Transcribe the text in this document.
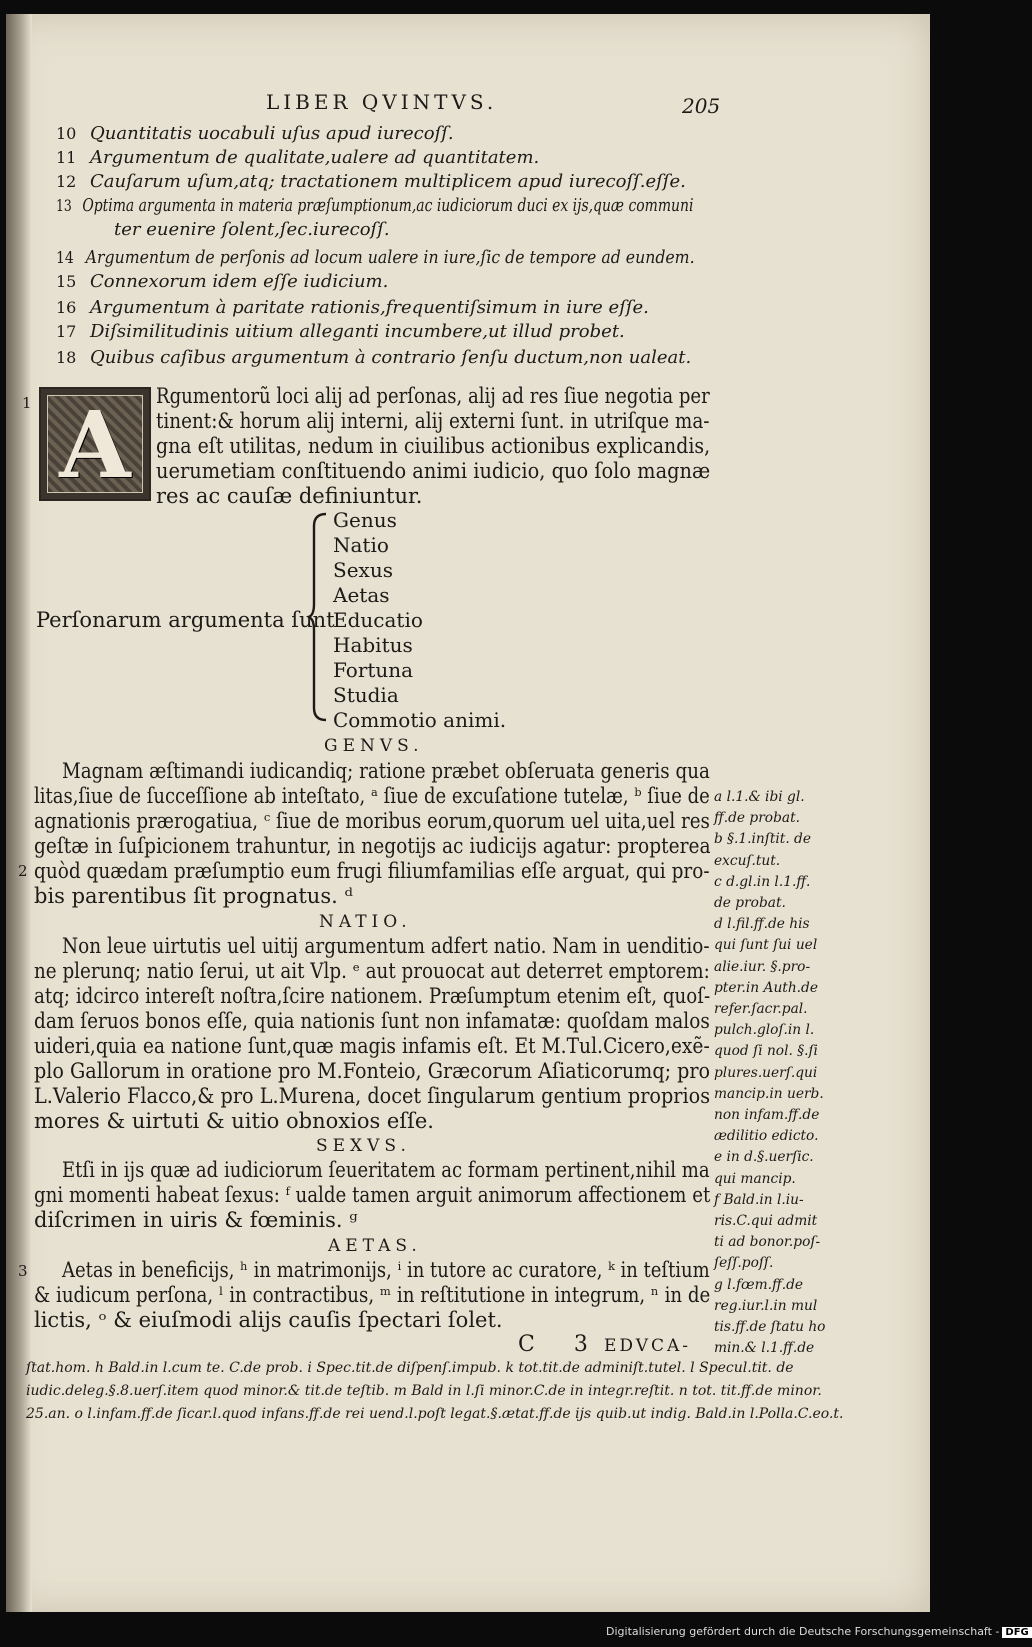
LIBER QVINTVS.	205
10 Quantitatis uocabuli uſus apud iurecoſſ.
11 Argumentum de qualitate,ualere ad quantitatem.
12 Cauſarum uſum,atq; tractationem multiplicem apud iurecoſſ.eſſe.
13 Optima argumenta in materia præſumptionum,ac iudiciorum duci ex ijs,quæ communi
ter euenire ſolent,ſec.iurecoſſ.
14 Argumentum de perſonis ad locum ualere in iure,ſic de tempore ad eundem.
15 Connexorum idem eſſe iudicium.
16 Argumentum à paritate rationis,frequentiſsimum in iure eſſe.
17 Diſsimilitudinis uitium alleganti incumbere,ut illud probet.
18 Quibus caſibus argumentum à contrario ſenſu ductum,non ualeat.
1 A	Rgumentorũ loci alij ad perſonas, alij ad res ſiue negotia per
tinent:& horum alij interni, alij externi ſunt. in utriſque ma-
gna eſt utilitas, nedum in ciuilibus actionibus explicandis,
uerumetiam conſtituendo animi iudicio, quo ſolo magnæ
res ac cauſæ definiuntur.
Perſonarum argumenta ſunt
Genus
Natio
Sexus
Aetas
Educatio
Habitus
Fortuna
Studia
Commotio animi.
GENVS.
Magnam æſtimandi iudicandiq; ratione præbet obſeruata generis qua
litas,ſiue de ſucceſſione ab inteſtato, ᵃ ſiue de excuſatione tutelæ, ᵇ ſiue de
agnationis prærogatiua, ᶜ ſiue de moribus eorum,quorum uel uita,uel res
geſtæ in ſuſpicionem trahuntur, in negotijs ac iudicijs agatur: propterea
2 quòd quædam præſumptio eum frugi filiumfamilias eſſe arguat, qui pro-
bis parentibus ſit prognatus. ᵈ
NATIO.
Non leue uirtutis uel uitij argumentum adfert natio. Nam in uenditio-
ne plerunq; natio ſerui, ut ait Vlp. ᵉ aut prouocat aut deterret emptorem:
atq; idcirco intereſt noſtra,ſcire nationem. Præſumptum etenim eſt, quoſ-
dam ſeruos bonos eſſe, quia nationis ſunt non infamatæ: quoſdam malos
uideri,quia ea natione ſunt,quæ magis infamis eſt. Et M.Tul.Cicero,exẽ-
plo Gallorum in oratione pro M.Fonteio, Græcorum Aſiaticorumq; pro
L.Valerio Flacco,& pro L.Murena, docet ſingularum gentium proprios
mores & uirtuti & uitio obnoxios eſſe.
SEXVS.
Etſi in ijs quæ ad iudiciorum ſeueritatem ac formam pertinent,nihil ma
gni momenti habeat ſexus: ᶠ ualde tamen arguit animorum affectionem et
diſcrimen in uiris & fœminis. ᵍ
AETAS.
3 Aetas in beneficijs, ʰ in matrimonijs, ⁱ in tutore ac curatore, ᵏ in teſtium
& iudicum perſona, ˡ in contractibus, ᵐ in reſtitutione in integrum, ⁿ in de
lictis, ᵒ & eiuſmodi alijs cauſis ſpectari ſolet.
C 3 EDVCA-
a l.1.& ibi gl.
ff.de probat.
b §.1.inſtit. de
excuſ.tut.
c d.gl.in l.1.ff.
de probat.
d l.fil.ff.de his
qui ſunt ſui uel
alie.iur. §.pro-
pter.in Auth.de
refer.ſacr.pal.
pulch.gloſ.in l.
quod ſi nol. §.ſi
plures.uerſ.qui
mancip.in uerb.
non infam.ff.de
ædilitio edicto.
e in d.§.uerſic.
qui mancip.
f Bald.in l.iu-
ris.C.qui admit
ti ad bonor.poſ-
ſeſſ.poſſ.
g l.fœm.ff.de
reg.iur.l.in mul
tis.ff.de ſtatu ho
min.& l.1.ff.de
ſtat.hom. h Bald.in l.cum te. C.de prob. i Spec.tit.de diſpenſ.impub. k tot.tit.de adminiſt.tutel. l Specul.tit. de
iudic.deleg.§.8.uerſ.item quod minor.& tit.de teſtib. m Bald in l.ſi minor.C.de in integr.reſtit. n tot. tit.ff.de minor.
25.an. o l.infam.ff.de ſicar.l.quod infans.ff.de rei uend.l.poſt legat.§.ætat.ff.de ijs quib.ut indig. Bald.in l.Polla.C.eo.t.
Digitalisierung gefördert durch die Deutsche Forschungsgemeinschaft - DFG
